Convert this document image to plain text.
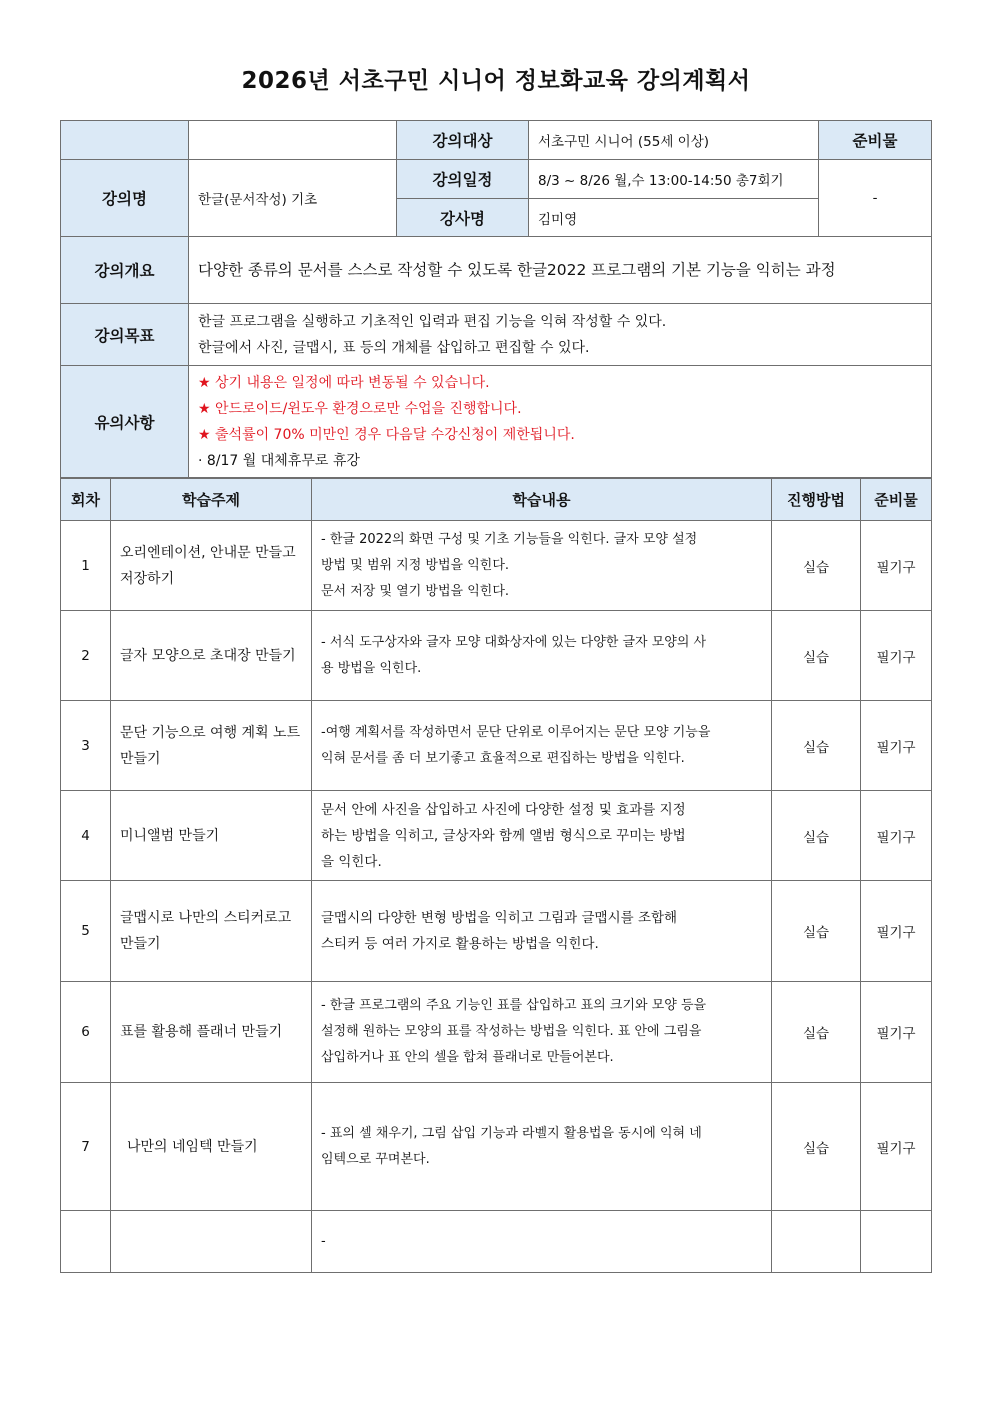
2026년 서초구민 시니어 정보화교육 강의계획서
		강의대상	서초구민 시니어 (55세 이상)	준비물
강의명	한글(문서작성) 기초	강의일정	8/3 ~ 8/26 월,수 13:00-14:50 총7회기	-
		강사명	김미영	
강의개요	다양한 종류의 문서를 스스로 작성할 수 있도록 한글2022 프로그램의 기본 기능을 익히는 과정			
강의목표	한글 프로그램을 실행하고 기초적인 입력과 편집 기능을 익혀 작성할 수 있다.
한글에서 사진, 글맵시, 표 등의 개체를 삽입하고 편집할 수 있다.			

유의사항	★ 상기 내용은 일정에 따라 변동될 수 있습니다.
★ 안드로이드/윈도우 환경으로만 수업을 진행합니다.
★ 출석률이 70% 미만인 경우 다음달 수강신청이 제한됩니다.
· 8/17 월 대체휴무로 휴강			
회차	학습주제	학습내용	진행방법	준비물
1	오리엔테이션, 안내문 만들고 저장하기	- 한글 2022의 화면 구성 및 기초 기능들을 익힌다. 글자 모양 설정
방법 및 범위 지정 방법을 익힌다.
문서 저장 및 열기 방법을 익힌다.	실습	필기구
2	글자 모양으로 초대장 만들기	- 서식 도구상자와 글자 모양 대화상자에 있는 다양한 글자 모양의 사
용 방법을 익힌다.	실습	필기구
3	문단 기능으로 여행 계획 노트 만들기	-여행 계획서를 작성하면서 문단 단위로 이루어지는 문단 모양 기능을
익혀 문서를 좀 더 보기좋고 효율적으로 편집하는 방법을 익힌다.	실습	필기구
4	미니앨범 만들기	문서 안에 사진을 삽입하고 사진에 다양한 설정 및 효과를 지정
하는 방법을 익히고, 글상자와 함께 앨범 형식으로 꾸미는 방법
을 익힌다.	실습	필기구
5	글맵시로 나만의 스티커로고 만들기	글맵시의 다양한 변형 방법을 익히고 그림과 글맵시를 조합해
스티커 등 여러 가지로 활용하는 방법을 익힌다.	실습	필기구
6	표를 활용해 플래너 만들기	- 한글 프로그램의 주요 기능인 표를 삽입하고 표의 크기와 모양 등을
설정해 원하는 모양의 표를 작성하는 방법을 익힌다. 표 안에 그림을
삽입하거나 표 안의 셀을 합쳐 플래너로 만들어본다.	실습	필기구
7	나만의 네임텍 만들기	- 표의 셀 채우기, 그림 삽입 기능과 라벨지 활용법을 동시에 익혀 네
임텍으로 꾸며본다.	실습	필기구

		-		
